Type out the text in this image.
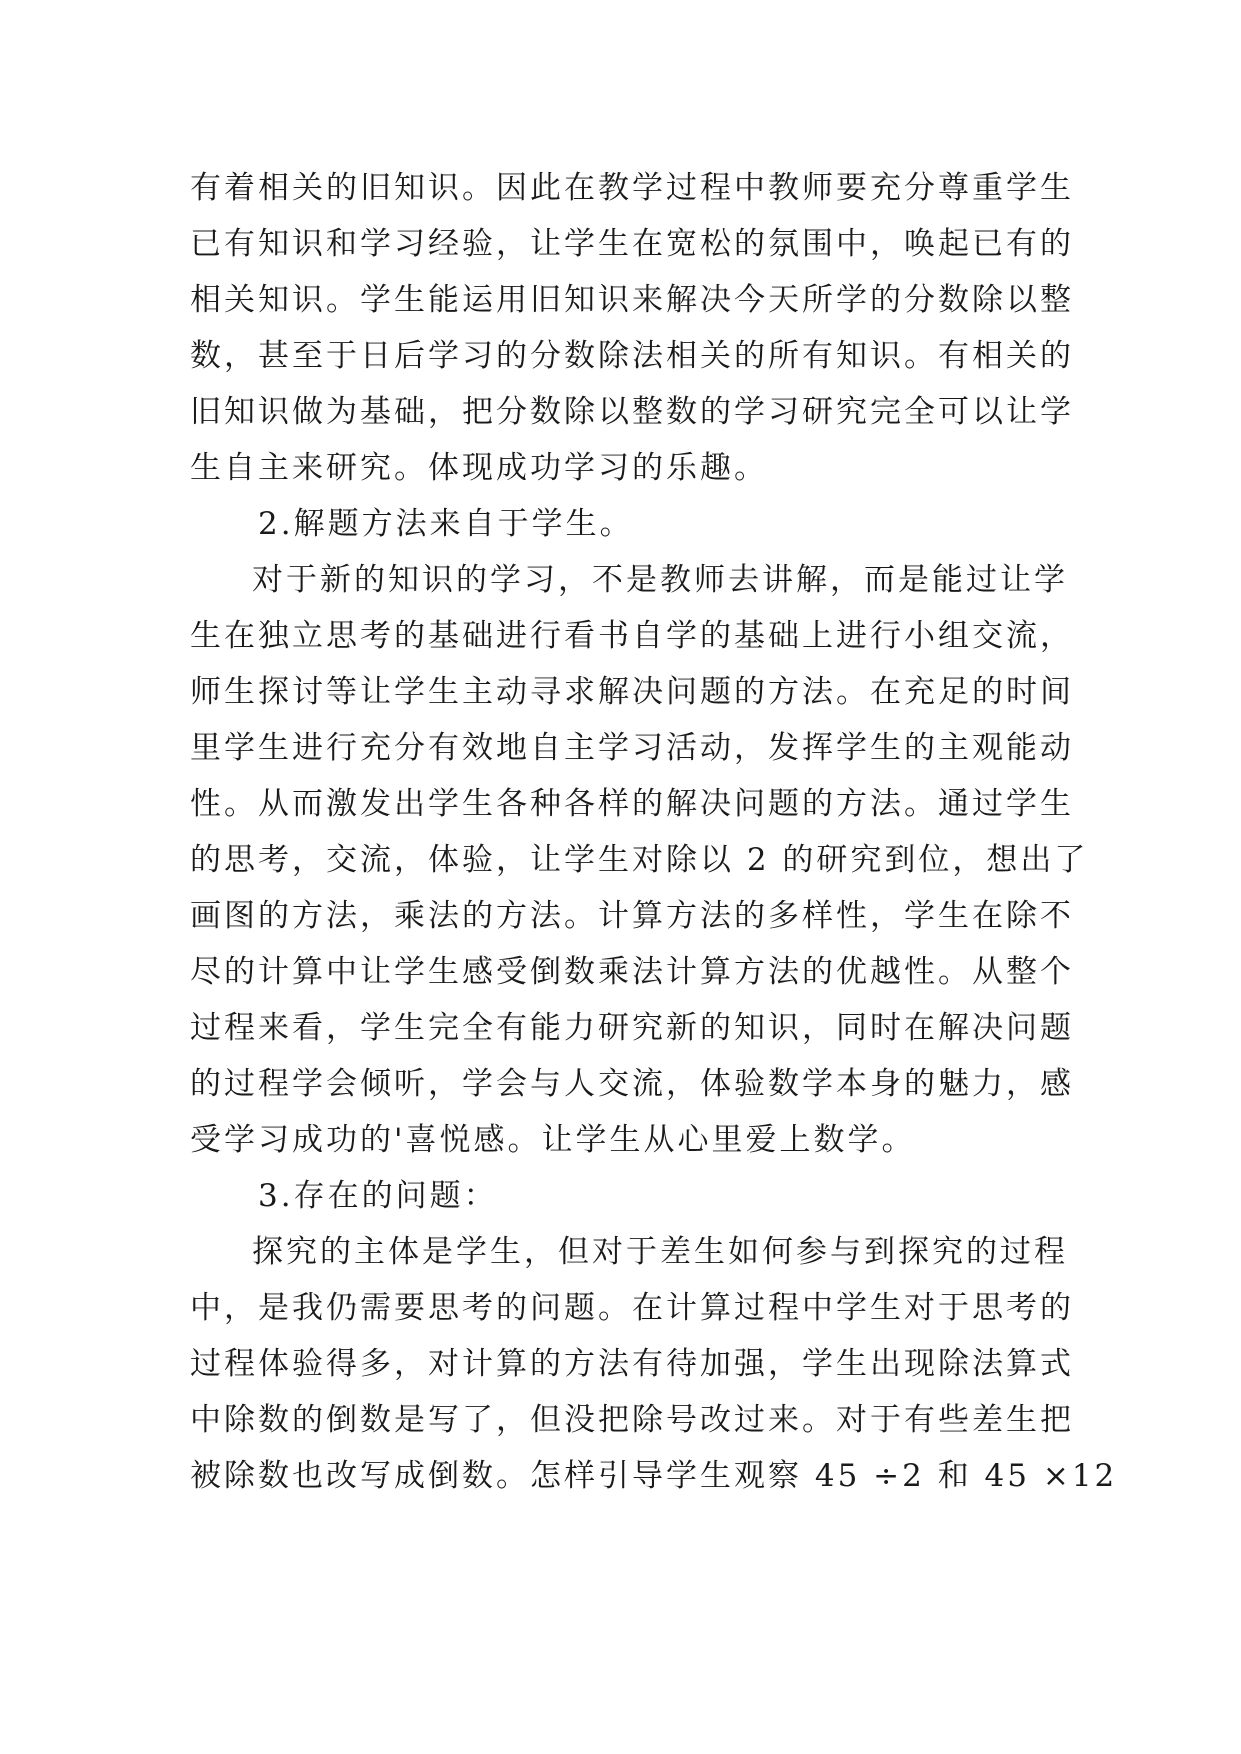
有着相关的旧知识。因此在教学过程中教师要充分尊重学生
已有知识和学习经验，让学生在宽松的氛围中，唤起已有的
相关知识。学生能运用旧知识来解决今天所学的分数除以整
数，甚至于日后学习的分数除法相关的所有知识。有相关的
旧知识做为基础，把分数除以整数的学习研究完全可以让学
生自主来研究。体现成功学习的乐趣。
2.解题方法来自于学生。
对于新的知识的学习，不是教师去讲解，而是能过让学
生在独立思考的基础进行看书自学的基础上进行小组交流，
师生探讨等让学生主动寻求解决问题的方法。在充足的时间
里学生进行充分有效地自主学习活动，发挥学生的主观能动
性。从而激发出学生各种各样的解决问题的方法。通过学生
的思考，交流，体验，让学生对除以 2 的研究到位，想出了
画图的方法，乘法的方法。计算方法的多样性，学生在除不
尽的计算中让学生感受倒数乘法计算方法的优越性。从整个
过程来看，学生完全有能力研究新的知识，同时在解决问题
的过程学会倾听，学会与人交流，体验数学本身的魅力，感
受学习成功的'喜悦感。让学生从心里爱上数学。
3.存在的问题：
探究的主体是学生，但对于差生如何参与到探究的过程
中，是我仍需要思考的问题。在计算过程中学生对于思考的
过程体验得多，对计算的方法有待加强，学生出现除法算式
中除数的倒数是写了，但没把除号改过来。对于有些差生把
被除数也改写成倒数。怎样引导学生观察 45 ÷2 和 45 ×12
